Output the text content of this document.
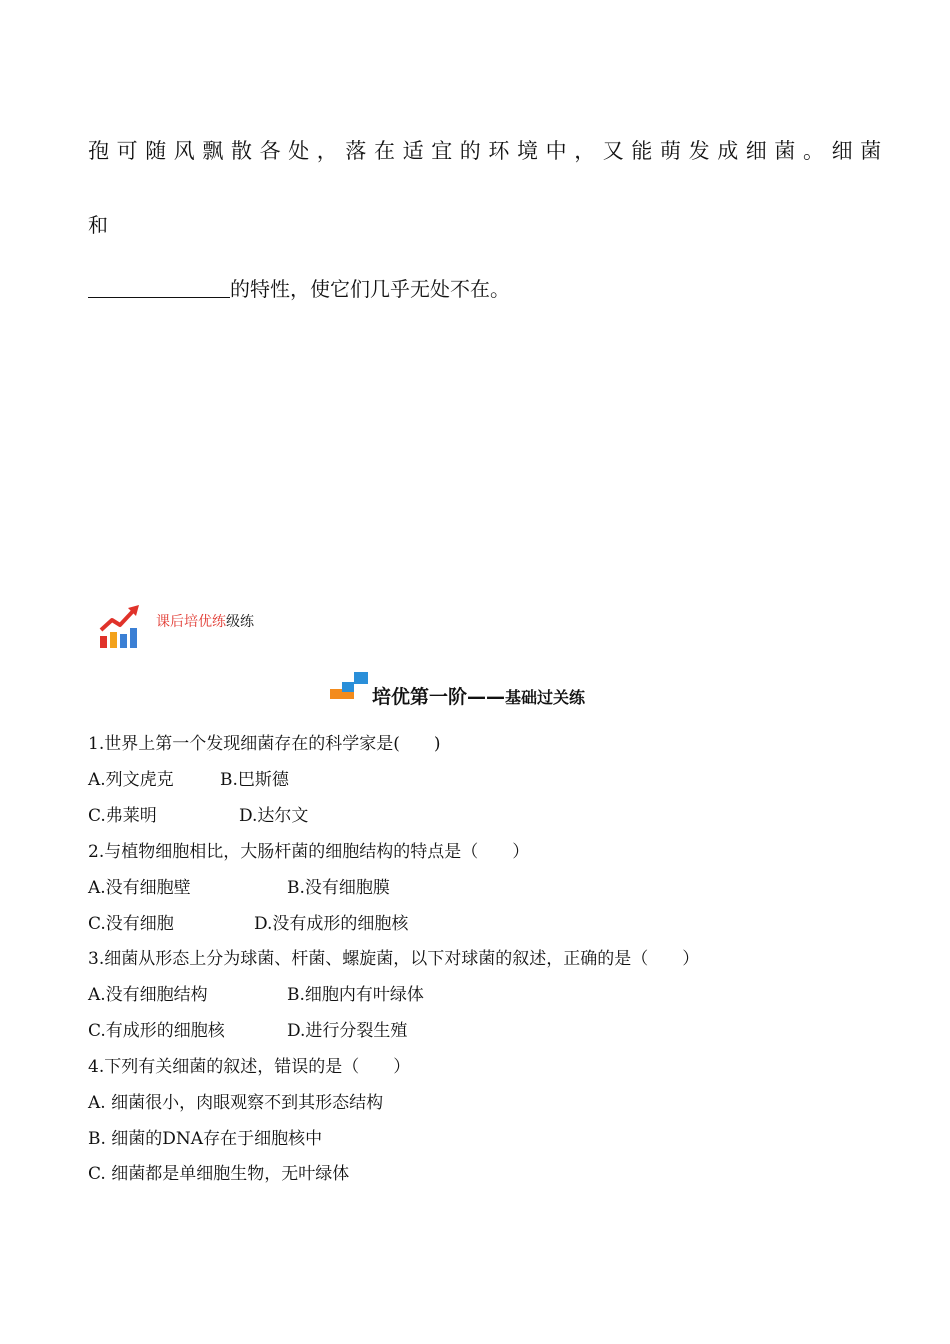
孢可随风飘散各处，落在适宜的环境中，又能萌发成细菌。细菌
和
的特性，使它们几乎无处不在。
课后培优练级练
培优第一阶——基础过关练
1.世界上第一个发现细菌存在的科学家是(　　)
A.列文虎克	B.巴斯德
C.弗莱明	D.达尔文
2.与植物细胞相比，大肠杆菌的细胞结构的特点是（　　）
A.没有细胞壁	B.没有细胞膜
C.没有细胞	D.没有成形的细胞核
3.细菌从形态上分为球菌、杆菌、螺旋菌，以下对球菌的叙述，正确的是（　　）
A.没有细胞结构	B.细胞内有叶绿体
C.有成形的细胞核	D.进行分裂生殖
4.下列有关细菌的叙述，错误的是（　　）
A. 细菌很小，肉眼观察不到其形态结构
B. 细菌的DNA存在于细胞核中
C. 细菌都是单细胞生物，无叶绿体
